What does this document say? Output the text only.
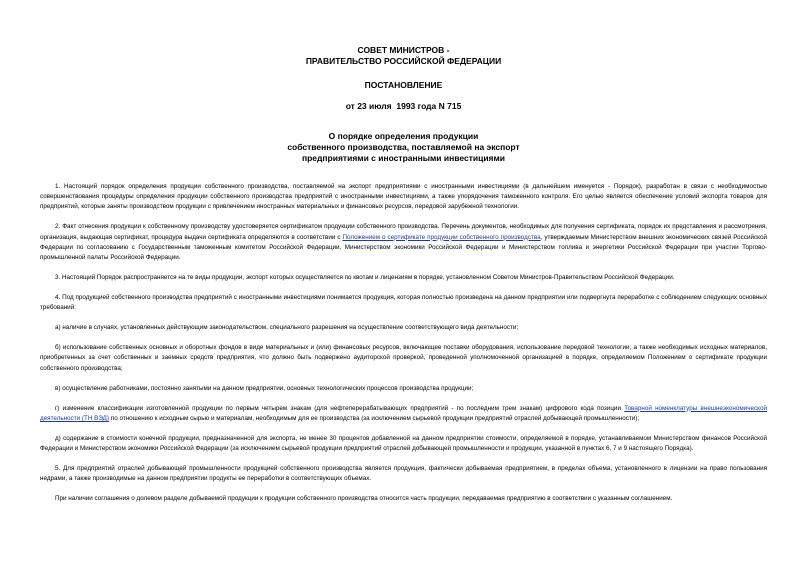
СОВЕТ МИНИСТРОВ -
ПРАВИТЕЛЬСТВО РОССИЙСКОЙ ФЕДЕРАЦИИ
ПОСТАНОВЛЕНИЕ
от 23 июля  1993 года N 715
О порядке определения продукции
собственного производства, поставляемой на экспорт
предприятиями с иностранными инвестициями

1. Настоящий порядок определения продукции собственного производства, поставляемой на экспорт предприятиями с иностранными инвестициями (в дальнейшем именуется - Порядок), разработан в связи с необходимостью совершенствования процедуры определения продукции собственного производства предприятий с иностранными инвестициями, а также упорядочения таможенного контроля. Его целью является обеспечение условий экспорта товаров для предприятий, которые заняты производством продукции с привлечением иностранных материальных и финансовых ресурсов, передовой зарубежной технологии.

2. Факт отнесения продукции к собственному производству удостоверяется сертификатом продукции собственного производства. Перечень документов, необходимых для получения сертификата, порядок их представления и рассмотрения, организация, выдающая сертификат, процедура выдачи сертификата определяются в соответствии с Положением о сертификате продукции собственного производства, утверждаемым Министерством внешних экономических связей Российской Федерации по согласованию с Государственным таможенным комитетом Российской Федерации, Министерством экономики Российской Федерации и Министерством топлива и энергетики Российской Федерации при участии Торгово-промышленной палаты Российской Федерации.

3. Настоящий Порядок распространяется на те виды продукции, экспорт которых осуществляется по квотам и лицензиям в порядке, установленном Советом Министров-Правительством Российской Федерации.

4. Под продукцией собственного производства предприятий с иностранными инвестициями понимается продукция, которая полностью произведена на данном предприятии или подвергнута переработке с соблюдением следующих основных требований:

а) наличие в случаях, установленных действующим законодательством, специального разрешения на осуществление соответствующего вида деятельности;

б) использование собственных основных и оборотных фондов в виде материальных и (или) финансовых ресурсов, включающее поставки оборудования, использование передовой технологии, а также необходимых исходных материалов, приобретенных за счет собственных и заемных средств предприятия, что должно быть подвержено аудиторской проверкой, проведенной уполномоченной организацией в порядке, определяемом Положением о сертификате продукции собственного производства;

в) осуществление работниками, постоянно занятыми на данном предприятии, основных технологических процессов производства продукции;

г) изменение классификации изготовленной продукции по первым четырем знакам (для нефтеперерабатывающих предприятий - по последним трем знакам) цифрового кода позиции Товарной номенклатуры внешнеэкономической деятельности (ТН ВЭД) по отношению к исходным сырью и материалам, необходимым для ее производства (за исключением сырьевой продукции предприятий отраслей добывающей промышленности);

д) содержание в стоимости конечной продукции, предназначенной для экспорта, не менее 30 процентов добавленной на данном предприятии стоимости, определяемой в порядке, устанавливаемом Министерством финансов Российской Федерации и Министерством экономики Российской Федерации (за исключением сырьевой продукции предприятий отраслей добывающей промышленности и продукции, указанной в пунктах 6, 7 и 9 настоящего Порядка).

5. Для предприятий отраслей добывающей промышленности продукцией собственного производства является продукция, фактически добываемая предприятием, в пределах объема, установленного в лицензии на право пользования недрами, а также производимые на данном предприятии продукты ее переработки в соответствующих объемах.

При наличии соглашения о долевом разделе добываемой продукции к продукции собственного производства относится часть продукции, передаваемая предприятию в соответствии с указанным соглашением.
